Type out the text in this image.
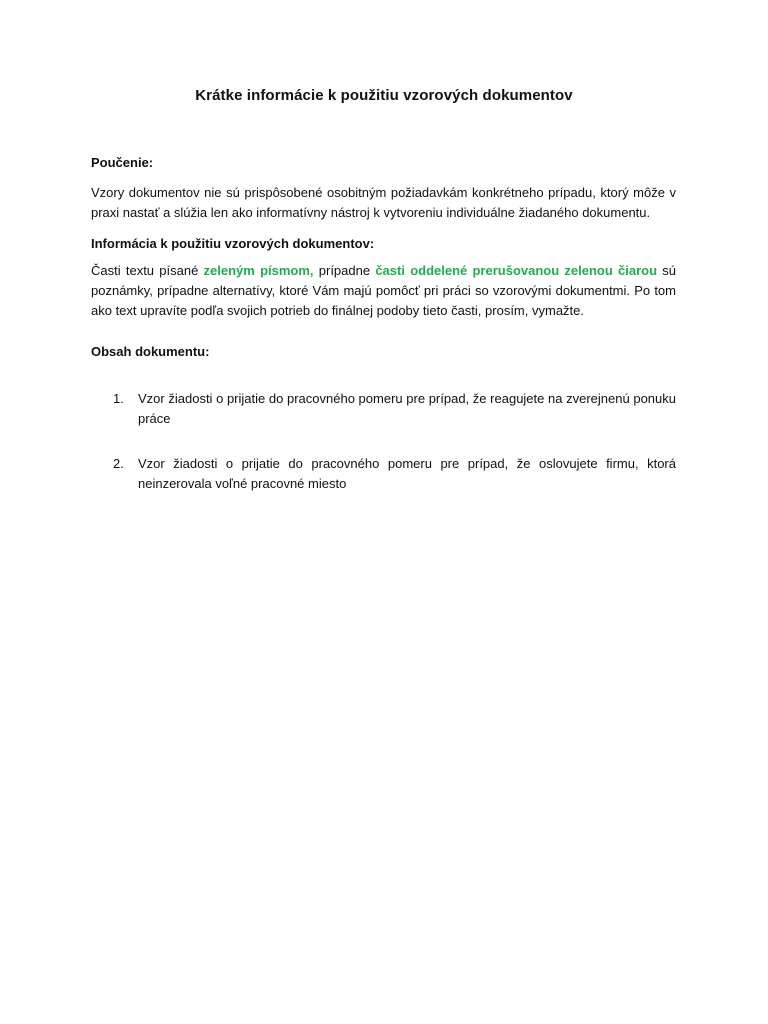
Krátke informácie k použitiu vzorových dokumentov
Poučenie:
Vzory dokumentov nie sú prispôsobené osobitným požiadavkám konkrétneho prípadu, ktorý môže v praxi nastať a slúžia len ako informatívny nástroj k vytvoreniu individuálne žiadaného dokumentu.
Informácia k použitiu vzorových dokumentov:
Časti textu písané zeleným písmom, prípadne časti oddelené prerušovanou zelenou čiarou sú poznámky, prípadne alternatívy, ktoré Vám majú pomôcť pri práci so vzorovými dokumentmi. Po tom ako text upravíte podľa svojich potrieb do finálnej podoby tieto časti, prosím, vymažte.
Obsah dokumentu:
1. Vzor žiadosti o prijatie do pracovného pomeru pre prípad, že reagujete na zverejnenú ponuku práce
2. Vzor žiadosti o prijatie do pracovného pomeru pre prípad, že oslovujete firmu, ktorá neinzerovala voľné pracovné miesto
